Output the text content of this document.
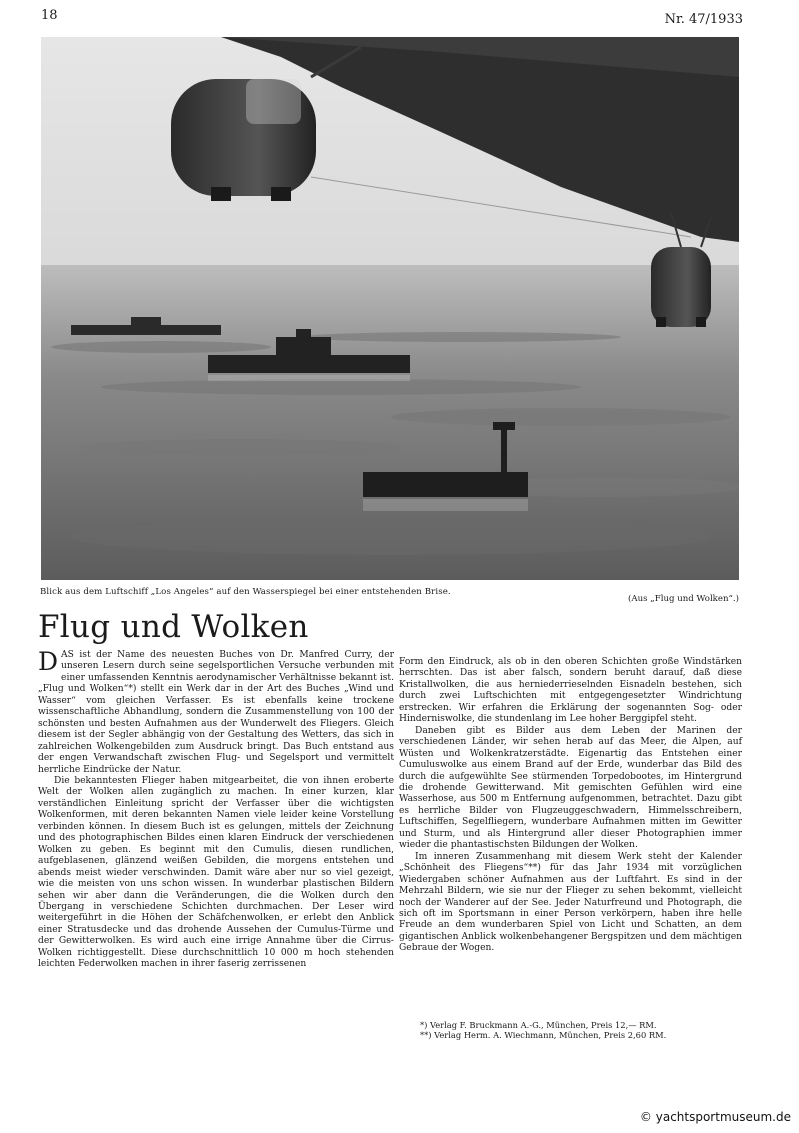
18	Nr. 47/1933
Blick aus dem Luftschiff „Los Angeles“ auf den Wasserspiegel bei einer entstehenden Brise.
(Aus „Flug und Wolken“.)
Flug und Wolken

DAS ist der Name des neuesten Buches von Dr. Manfred Curry, der unseren Lesern durch seine segelsportlichen Versuche verbunden mit einer umfassenden Kenntnis aerodynamischer Verhältnisse bekannt ist. „Flug und Wolken“*) stellt ein Werk dar in der Art des Buches „Wind und Wasser“ vom gleichen Verfasser. Es ist ebenfalls keine trockene wissenschaftliche Abhandlung, sondern die Zusammenstellung von 100 der schönsten und besten Aufnahmen aus der Wunderwelt des Fliegers. Gleich diesem ist der Segler abhängig von der Gestaltung des Wetters, das sich in zahlreichen Wolkengebilden zum Ausdruck bringt. Das Buch entstand aus der engen Verwandschaft zwischen Flug- und Segelsport und vermittelt herrliche Eindrücke der Natur.

Die bekanntesten Flieger haben mitgearbeitet, die von ihnen eroberte Welt der Wolken allen zugänglich zu machen. In einer kurzen, klar verständlichen Einleitung spricht der Verfasser über die wichtigsten Wolkenformen, mit deren bekannten Namen viele leider keine Vorstellung verbinden können. In diesem Buch ist es gelungen, mittels der Zeichnung und des photographischen Bildes einen klaren Eindruck der verschiedenen Wolken zu geben. Es beginnt mit den Cumulis, diesen rundlichen, aufgeblasenen, glänzend weißen Gebilden, die morgens entstehen und abends meist wieder verschwinden. Damit wäre aber nur so viel gezeigt, wie die meisten von uns schon wissen. In wunderbar plastischen Bildern sehen wir aber dann die Veränderungen, die die Wolken durch den Übergang in verschiedene Schichten durchmachen. Der Leser wird weitergeführt in die Höhen der Schäfchenwolken, er erlebt den Anblick einer Stratusdecke und das drohende Aussehen der Cumulus-Türme und der Gewitterwolken. Es wird auch eine irrige Annahme über die Cirrus-Wolken richtiggestellt. Diese durchschnittlich 10 000 m hoch stehenden leichten Federwolken machen in ihrer faserig zerrissenen

Form den Eindruck, als ob in den oberen Schichten große Windstärken herrschten. Das ist aber falsch, sondern beruht darauf, daß diese Kristallwolken, die aus herniederrieselnden Eisnadeln bestehen, sich durch zwei Luftschichten mit entgegengesetzter Windrichtung erstrecken. Wir erfahren die Erklärung der sogenannten Sog- oder Hinderniswolke, die stundenlang im Lee hoher Berggipfel steht.

Daneben gibt es Bilder aus dem Leben der Marinen der verschiedenen Länder, wir sehen herab auf das Meer, die Alpen, auf Wüsten und Wolkenkratzerstädte. Eigenartig das Entstehen einer Cumuluswolke aus einem Brand auf der Erde, wunderbar das Bild des durch die aufgewühlte See stürmenden Torpedobootes, im Hintergrund die drohende Gewitterwand. Mit gemischten Gefühlen wird eine Wasserhose, aus 500 m Entfernung aufgenommen, betrachtet. Dazu gibt es herrliche Bilder von Flugzeuggeschwadern, Himmelsschreibern, Luftschiffen, Segelfliegern, wunderbare Aufnahmen mitten im Gewitter und Sturm, und als Hintergrund aller dieser Photographien immer wieder die phantastischsten Bildungen der Wolken.

Im inneren Zusammenhang mit diesem Werk steht der Kalender „Schönheit des Fliegens“**) für das Jahr 1934 mit vorzüglichen Wiedergaben schöner Aufnahmen aus der Luftfahrt. Es sind in der Mehrzahl Bildern, wie sie nur der Flieger zu sehen bekommt, vielleicht noch der Wanderer auf der See. Jeder Naturfreund und Photograph, die sich oft im Sportsmann in einer Person verkörpern, haben ihre helle Freude an dem wunderbaren Spiel von Licht und Schatten, an dem gigantischen Anblick wolkenbehangener Bergspitzen und dem mächtigen Gebraue der Wogen.

*) Verlag F. Bruckmann A.-G., München, Preis 12,— RM.
**) Verlag Herm. A. Wiechmann, München, Preis 2,60 RM.
© yachtsportmuseum.de
